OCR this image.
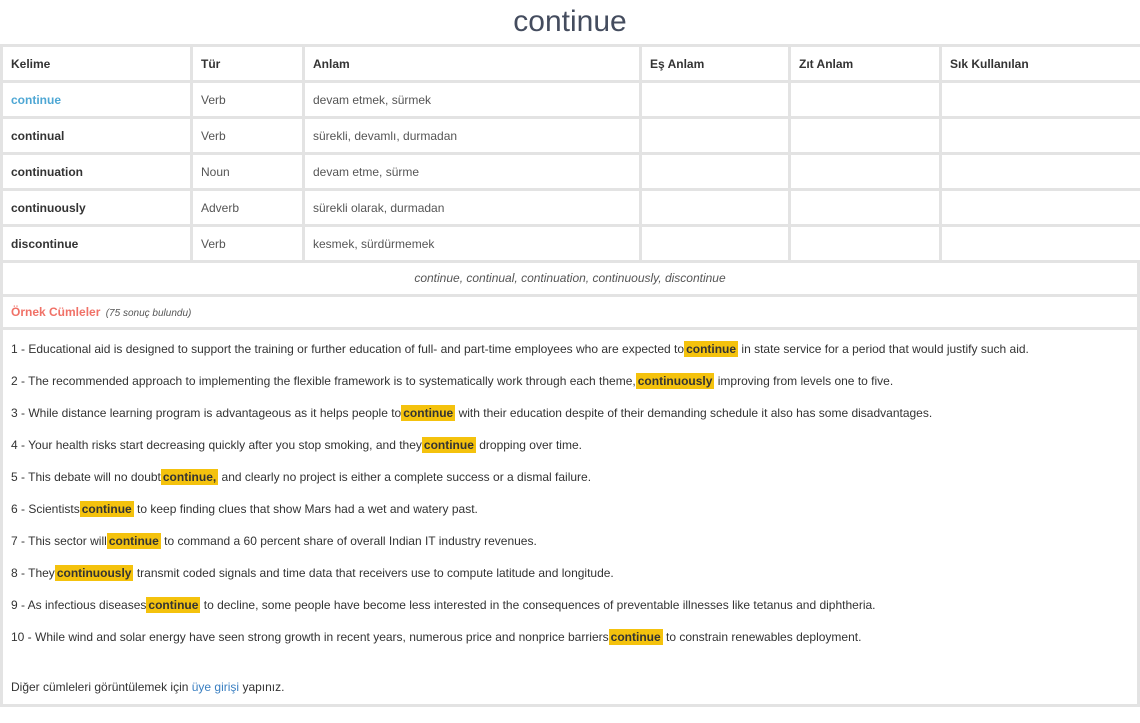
continue
Kelime	Tür	Anlam	Eş Anlam	Zıt Anlam	Sık Kullanılan
continue	Verb	devam etmek, sürmek			
continual	Verb	sürekli, devamlı, durmadan			
continuation	Noun	devam etme, sürme			
continuously	Adverb	sürekli olarak, durmadan			
discontinue	Verb	kesmek, sürdürmemek			
continue, continual, continuation, continuously, discontinue
Örnek Cümleler (75 sonuç bulundu)
1 - Educational aid is designed to support the training or further education of full- and part-time employees who are expected to continue in state service for a period that would justify such aid.
2 - The recommended approach to implementing the flexible framework is to systematically work through each theme, continuously improving from levels one to five.
3 - While distance learning program is advantageous as it helps people to continue with their education despite of their demanding schedule it also has some disadvantages.
4 - Your health risks start decreasing quickly after you stop smoking, and they continue dropping over time.
5 - This debate will no doubt continue, and clearly no project is either a complete success or a dismal failure.
6 - Scientists continue to keep finding clues that show Mars had a wet and watery past.
7 - This sector will continue to command a 60 percent share of overall Indian IT industry revenues.
8 - They continuously transmit coded signals and time data that receivers use to compute latitude and longitude.
9 - As infectious diseases continue to decline, some people have become less interested in the consequences of preventable illnesses like tetanus and diphtheria.
10 - While wind and solar energy have seen strong growth in recent years, numerous price and nonprice barriers continue to constrain renewables deployment.
Diğer cümleleri görüntülemek için üye girişi yapınız.
